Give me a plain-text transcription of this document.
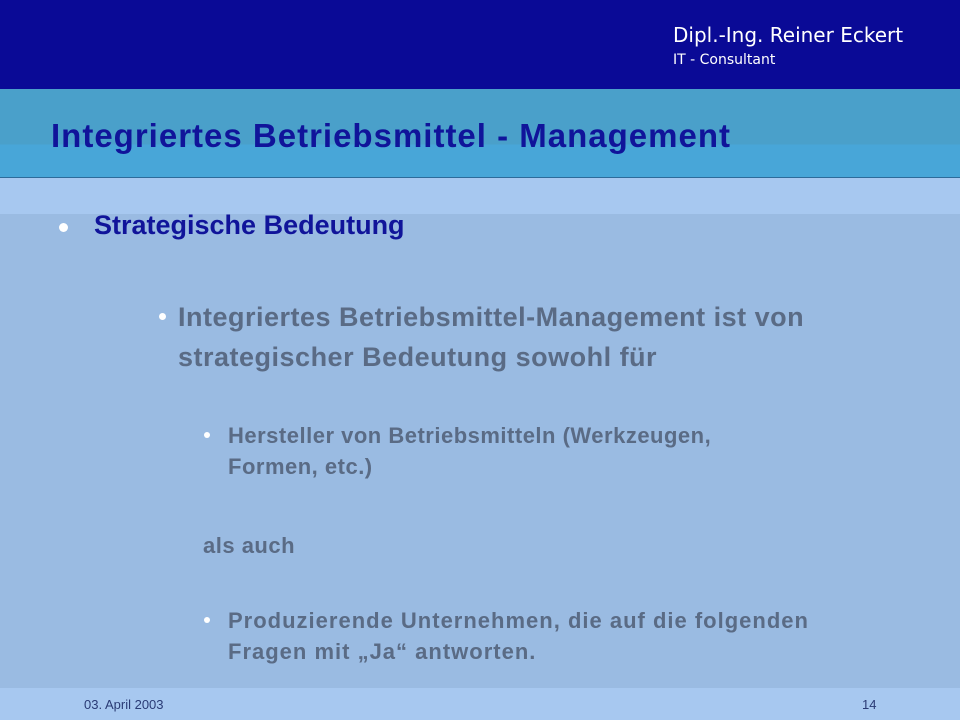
Dipl.-Ing. Reiner Eckert
IT - Consultant
Integriertes Betriebsmittel - Management
Strategische Bedeutung
Integriertes Betriebsmittel-Management ist von strategischer Bedeutung sowohl für
Hersteller von Betriebsmitteln (Werkzeugen, Formen, etc.)
als auch
Produzierende Unternehmen, die auf die folgenden Fragen mit „Ja“ antworten.
03. April 2003	14
